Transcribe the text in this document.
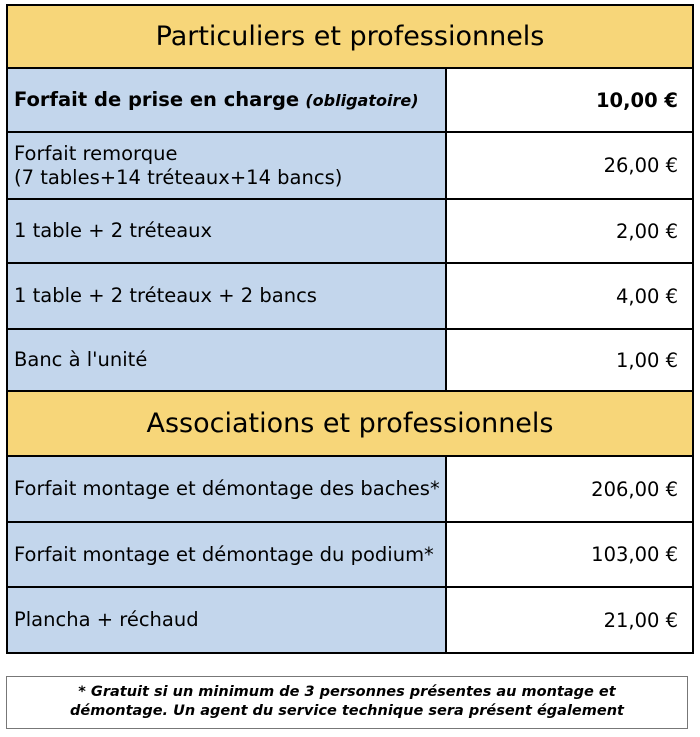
Particuliers et professionnels	
Forfait de prise en charge (obligatoire)	10,00 €

Forfait remorque
(7 tables+14 tréteaux+14 bancs)	26,00 €
1 table + 2 tréteaux	2,00 €
1 table + 2 tréteaux + 2 bancs	4,00 €
Banc à l'unité	1,00 €
Associations et professionnels	
Forfait montage et démontage des baches*	206,00 €
Forfait montage et démontage du podium*	103,00 €
Plancha + réchaud	21,00 €
* Gratuit si un minimum de 3 personnes présentes au montage et démontage. Un agent du service technique sera présent également
